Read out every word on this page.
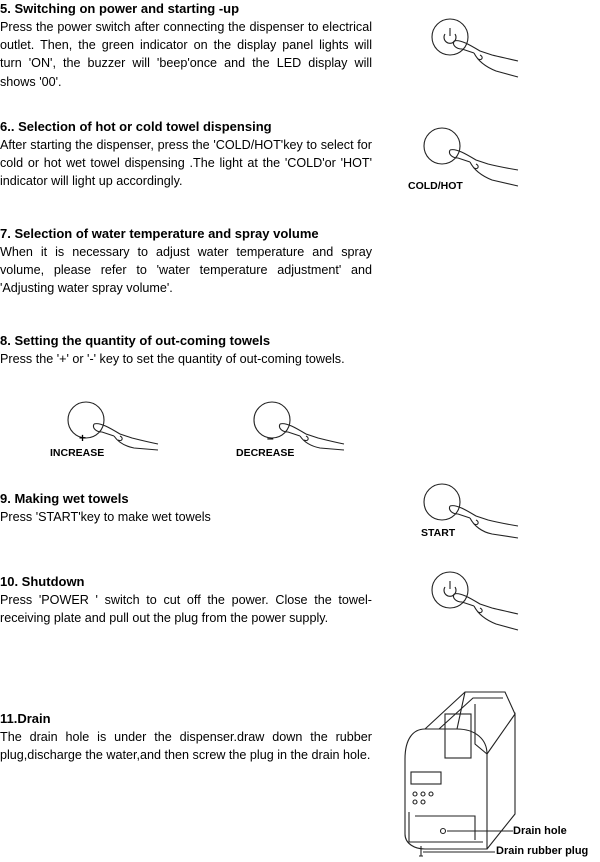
5. Switching on power and starting -up

Press the power switch after connecting the dispenser to electrical outlet. Then, the green indicator on the display panel lights will turn 'ON', the buzzer will 'beep'once and the LED display will shows '00'.

6.. Selection of hot or cold towel dispensing

After starting the dispenser, press the 'COLD/HOT'key to select for cold or hot wet towel dispensing .The light at the 'COLD'or 'HOT' indicator will light up accordingly.

7. Selection of water temperature and spray volume

When it is necessary to adjust water temperature and spray volume, please refer to 'water temperature adjustment' and 'Adjusting water spray volume'.

8. Setting the quantity of out-coming towels

Press the '+' or '-' key to set the quantity of out-coming towels.

9. Making wet towels

Press 'START'key to make wet towels

10. Shutdown

Press 'POWER ' switch to cut off the power. Close the towel-receiving plate and pull out the plug from the power supply.

11.Drain

The drain hole is under the dispenser.draw down the rubber plug,discharge the water,and then screw the plug in the drain hole.

COLD/HOT
+
INCREASE
–
DECREASE
START
Drain hole
Drain rubber plug
